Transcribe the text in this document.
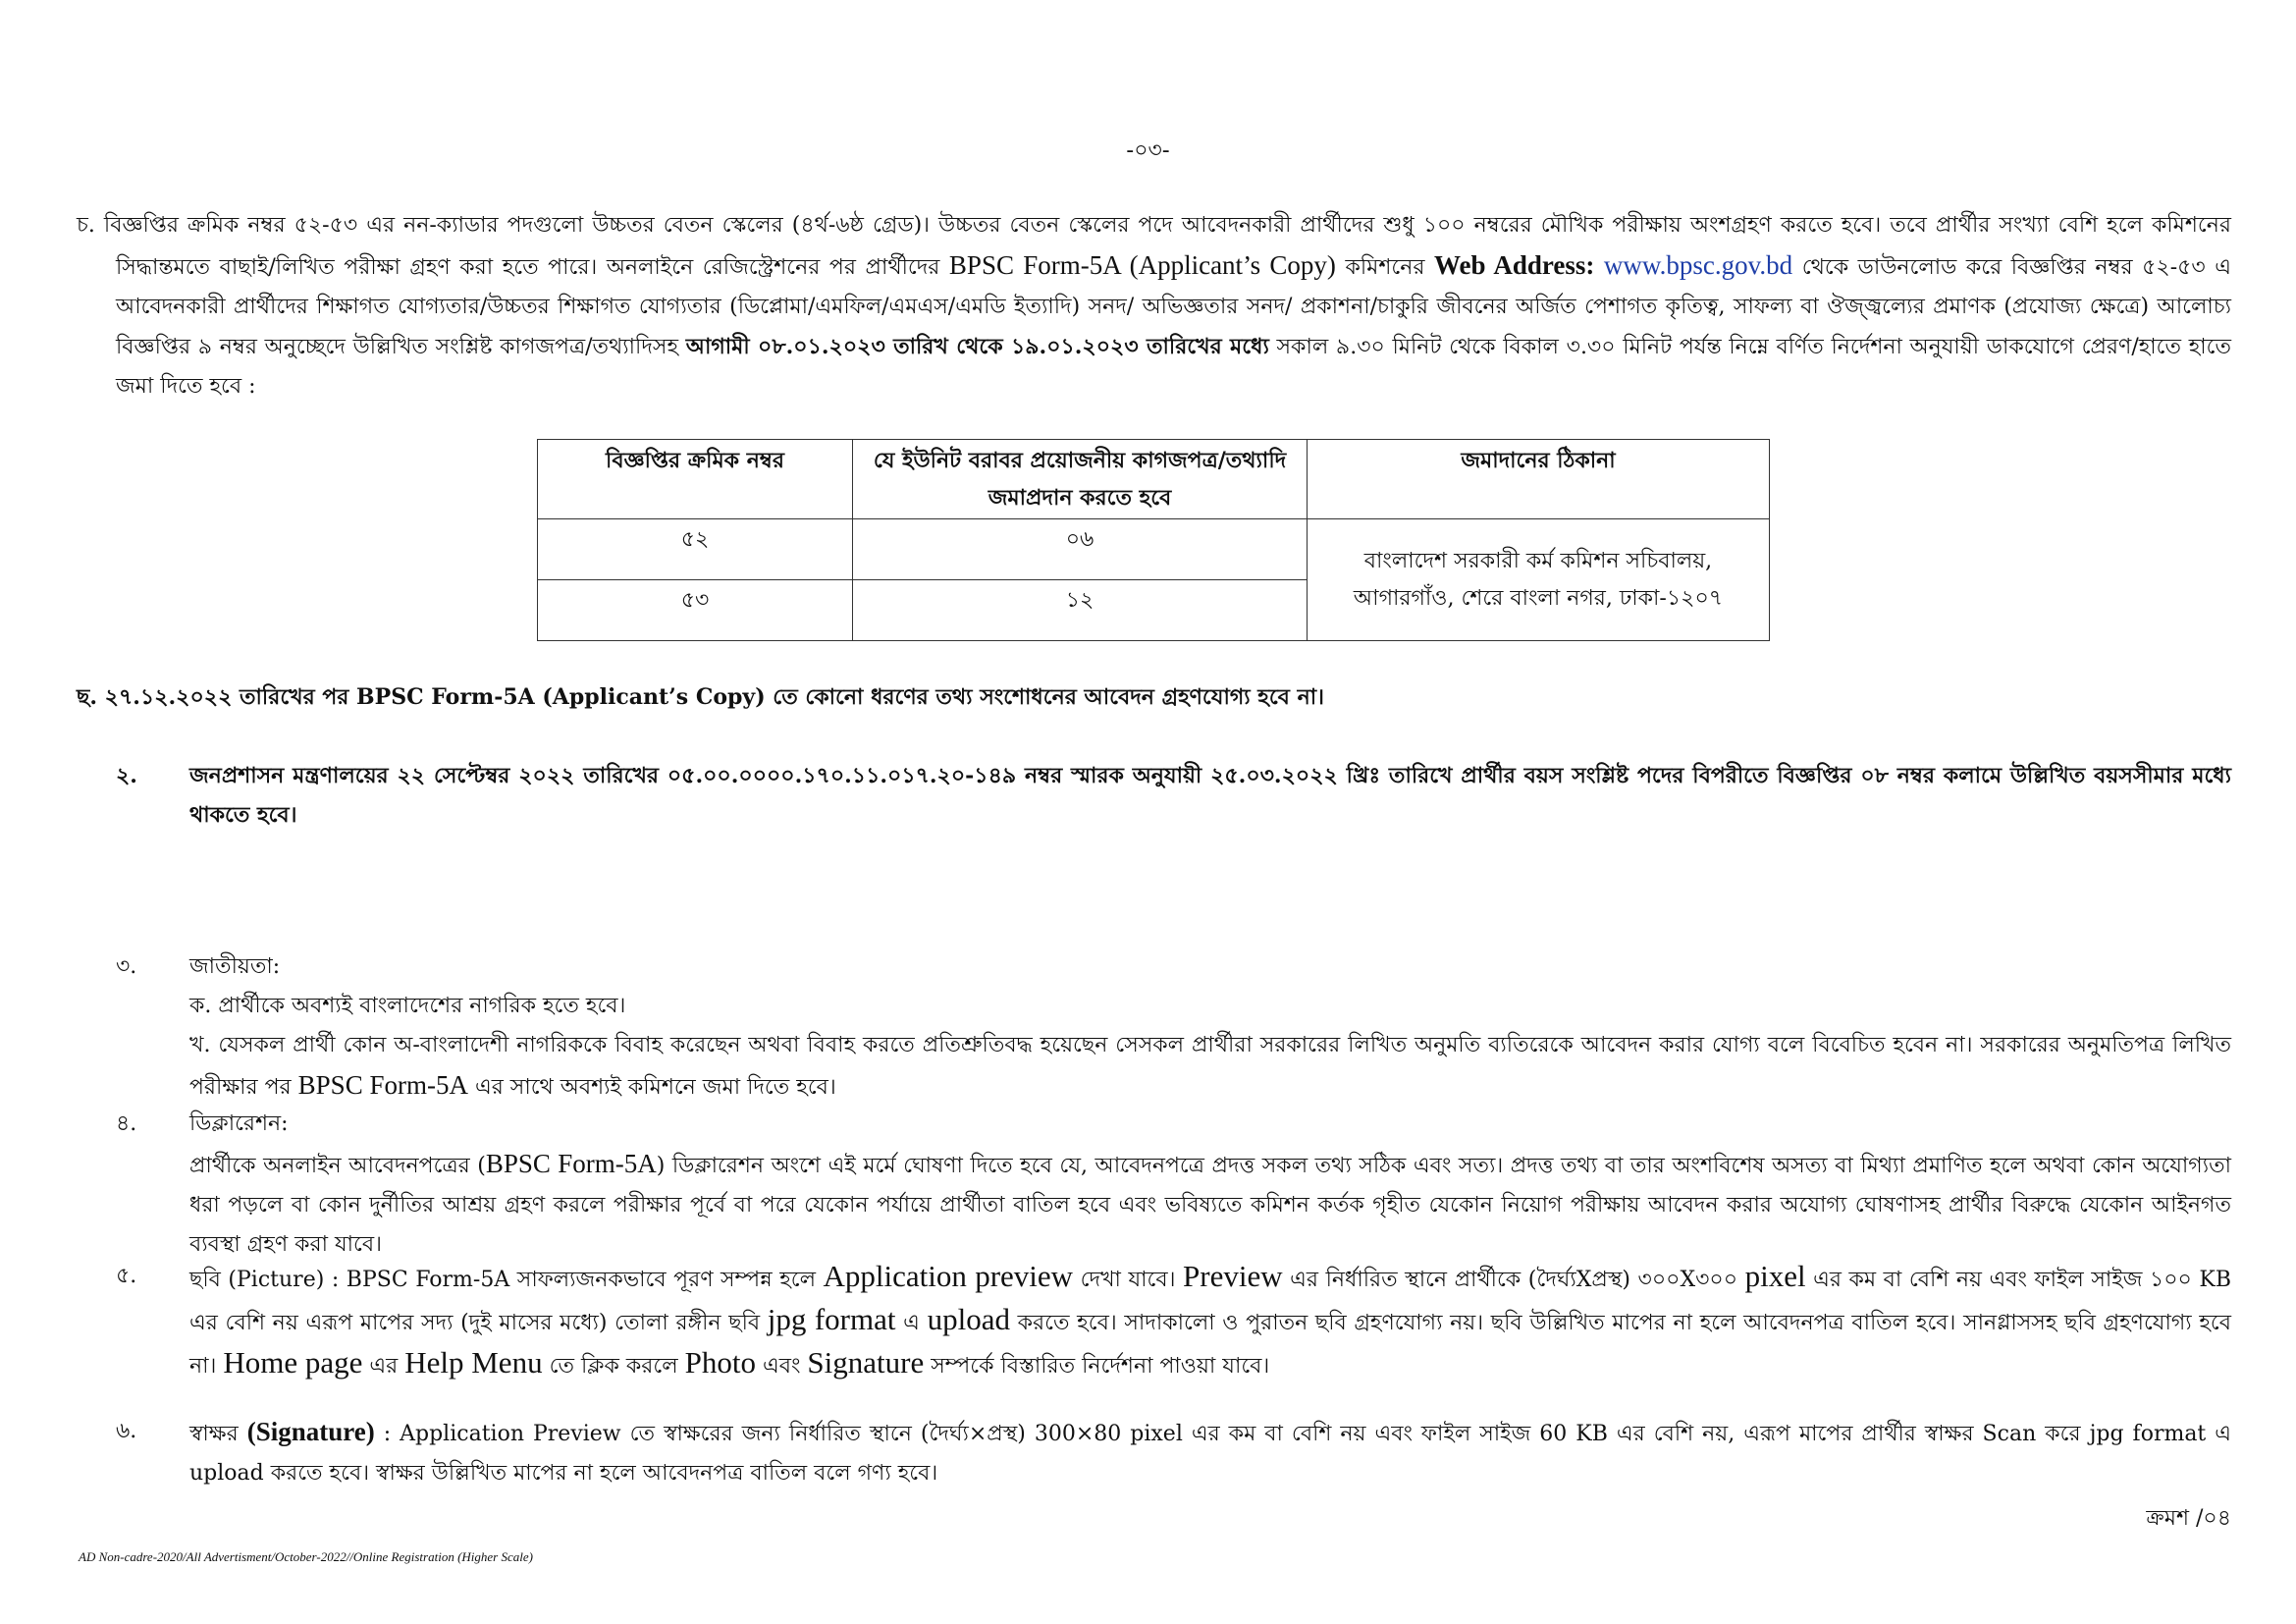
-০৩-

চ. বিজ্ঞপ্তির ক্রমিক নম্বর ৫২-৫৩ এর নন-ক্যাডার পদগুলো উচ্চতর বেতন স্কেলের (৪র্থ-৬ষ্ঠ গ্রেড)। উচ্চতর বেতন স্কেলের পদে আবেদনকারী প্রার্থীদের শুধু ১০০ নম্বরের মৌখিক পরীক্ষায় অংশগ্রহণ করতে হবে। তবে প্রার্থীর সংখ্যা বেশি হলে কমিশনের সিদ্ধান্তমতে বাছাই/লিখিত পরীক্ষা গ্রহণ করা হতে পারে। অনলাইনে রেজিস্ট্রেশনের পর প্রার্থীদের BPSC Form-5A (Applicant’s Copy) কমিশনের Web Address: www.bpsc.gov.bd থেকে ডাউনলোড করে বিজ্ঞপ্তির নম্বর ৫২-৫৩ এ আবেদনকারী প্রার্থীদের শিক্ষাগত যোগ্যতার/উচ্চতর শিক্ষাগত যোগ্যতার (ডিপ্লোমা/এমফিল/এমএস/এমডি ইত্যাদি) সনদ/ অভিজ্ঞতার সনদ/ প্রকাশনা/চাকুরি জীবনের অর্জিত পেশাগত কৃতিত্ব, সাফল্য বা ঔজ্জ্বল্যের প্রমাণক (প্রযোজ্য ক্ষেত্রে) আলোচ্য বিজ্ঞপ্তির ৯ নম্বর অনুচ্ছেদে উল্লিখিত সংশ্লিষ্ট কাগজপত্র/তথ্যাদিসহ আগামী ০৮.০১.২০২৩ তারিখ থেকে ১৯.০১.২০২৩ তারিখের মধ্যে সকাল ৯.৩০ মিনিট থেকে বিকাল ৩.৩০ মিনিট পর্যন্ত নিম্নে বর্ণিত নির্দেশনা অনুযায়ী ডাকযোগে প্রেরণ/হাতে হাতে জমা দিতে হবে :

বিজ্ঞপ্তির ক্রমিক নম্বর	যে ইউনিট বরাবর প্রয়োজনীয় কাগজপত্র/তথ্যাদি জমাপ্রদান করতে হবে	জমাদানের ঠিকানা
৫২	০৬	বাংলাদেশ সরকারী কর্ম কমিশন সচিবালয়,
আগারগাঁও, শেরে বাংলা নগর, ঢাকা-১২০৭

৫৩	১২	

ছ. ২৭.১২.২০২২ তারিখের পর BPSC Form-5A (Applicant’s Copy) তে কোনো ধরণের তথ্য সংশোধনের আবেদন গ্রহণযোগ্য হবে না।

২.	জনপ্রশাসন মন্ত্রণালয়ের ২২ সেপ্টেম্বর ২০২২ তারিখের ০৫.০০.০০০০.১৭০.১১.০১৭.২০-১৪৯ নম্বর স্মারক অনুযায়ী ২৫.০৩.২০২২ খ্রিঃ তারিখে প্রার্থীর বয়স সংশ্লিষ্ট পদের বিপরীতে বিজ্ঞপ্তির ০৮ নম্বর কলামে উল্লিখিত বয়সসীমার মধ্যে থাকতে হবে।
৩.	জাতীয়তা:
ক. প্রার্থীকে অবশ্যই বাংলাদেশের নাগরিক হতে হবে।
খ. যেসকল প্রার্থী কোন অ-বাংলাদেশী নাগরিককে বিবাহ করেছেন অথবা বিবাহ করতে প্রতিশ্রুতিবদ্ধ হয়েছেন সেসকল প্রার্থীরা সরকারের লিখিত অনুমতি ব্যতিরেকে আবেদন করার যোগ্য বলে বিবেচিত হবেন না। সরকারের অনুমতিপত্র লিখিত পরীক্ষার পর BPSC Form-5A এর সাথে অবশ্যই কমিশনে জমা দিতে হবে।
৪.	ডিক্লারেশন:
প্রার্থীকে অনলাইন আবেদনপত্রের (BPSC Form-5A) ডিক্লারেশন অংশে এই মর্মে ঘোষণা দিতে হবে যে, আবেদনপত্রে প্রদত্ত সকল তথ্য সঠিক এবং সত্য। প্রদত্ত তথ্য বা তার অংশবিশেষ অসত্য বা মিথ্যা প্রমাণিত হলে অথবা কোন অযোগ্যতা ধরা পড়লে বা কোন দুর্নীতির আশ্রয় গ্রহণ করলে পরীক্ষার পূর্বে বা পরে যেকোন পর্যায়ে প্রার্থীতা বাতিল হবে এবং ভবিষ্যতে কমিশন কর্তক গৃহীত যেকোন নিয়োগ পরীক্ষায় আবেদন করার অযোগ্য ঘোষণাসহ প্রার্থীর বিরুদ্ধে যেকোন আইনগত ব্যবস্থা গ্রহণ করা যাবে।
৫.	ছবি (Picture) : BPSC Form-5A সাফল্যজনকভাবে পূরণ সম্পন্ন হলে Application preview দেখা যাবে। Preview এর নির্ধারিত স্থানে প্রার্থীকে (দৈর্ঘ্যXপ্রস্থ) ৩০০X৩০০ pixel এর কম বা বেশি নয় এবং ফাইল সাইজ ১০০ KB এর বেশি নয় এরূপ মাপের সদ্য (দুই মাসের মধ্যে) তোলা রঙ্গীন ছবি jpg format এ upload করতে হবে। সাদাকালো ও পুরাতন ছবি গ্রহণযোগ্য নয়। ছবি উল্লিখিত মাপের না হলে আবেদনপত্র বাতিল হবে। সানগ্লাসসহ ছবি গ্রহণযোগ্য হবে না। Home page এর Help Menu তে ক্লিক করলে Photo এবং Signature সম্পর্কে বিস্তারিত নির্দেশনা পাওয়া যাবে।
৬.	স্বাক্ষর (Signature) : Application Preview তে স্বাক্ষরের জন্য নির্ধারিত স্থানে (দৈর্ঘ্য×প্রস্থ) 300×80 pixel এর কম বা বেশি নয় এবং ফাইল সাইজ 60 KB এর বেশি নয়, এরূপ মাপের প্রার্থীর স্বাক্ষর Scan করে jpg format এ upload করতে হবে। স্বাক্ষর উল্লিখিত মাপের না হলে আবেদনপত্র বাতিল বলে গণ্য হবে।
ক্রমশ /০৪
AD Non-cadre-2020/All Advertisment/October-2022//Online Registration (Higher Scale)
